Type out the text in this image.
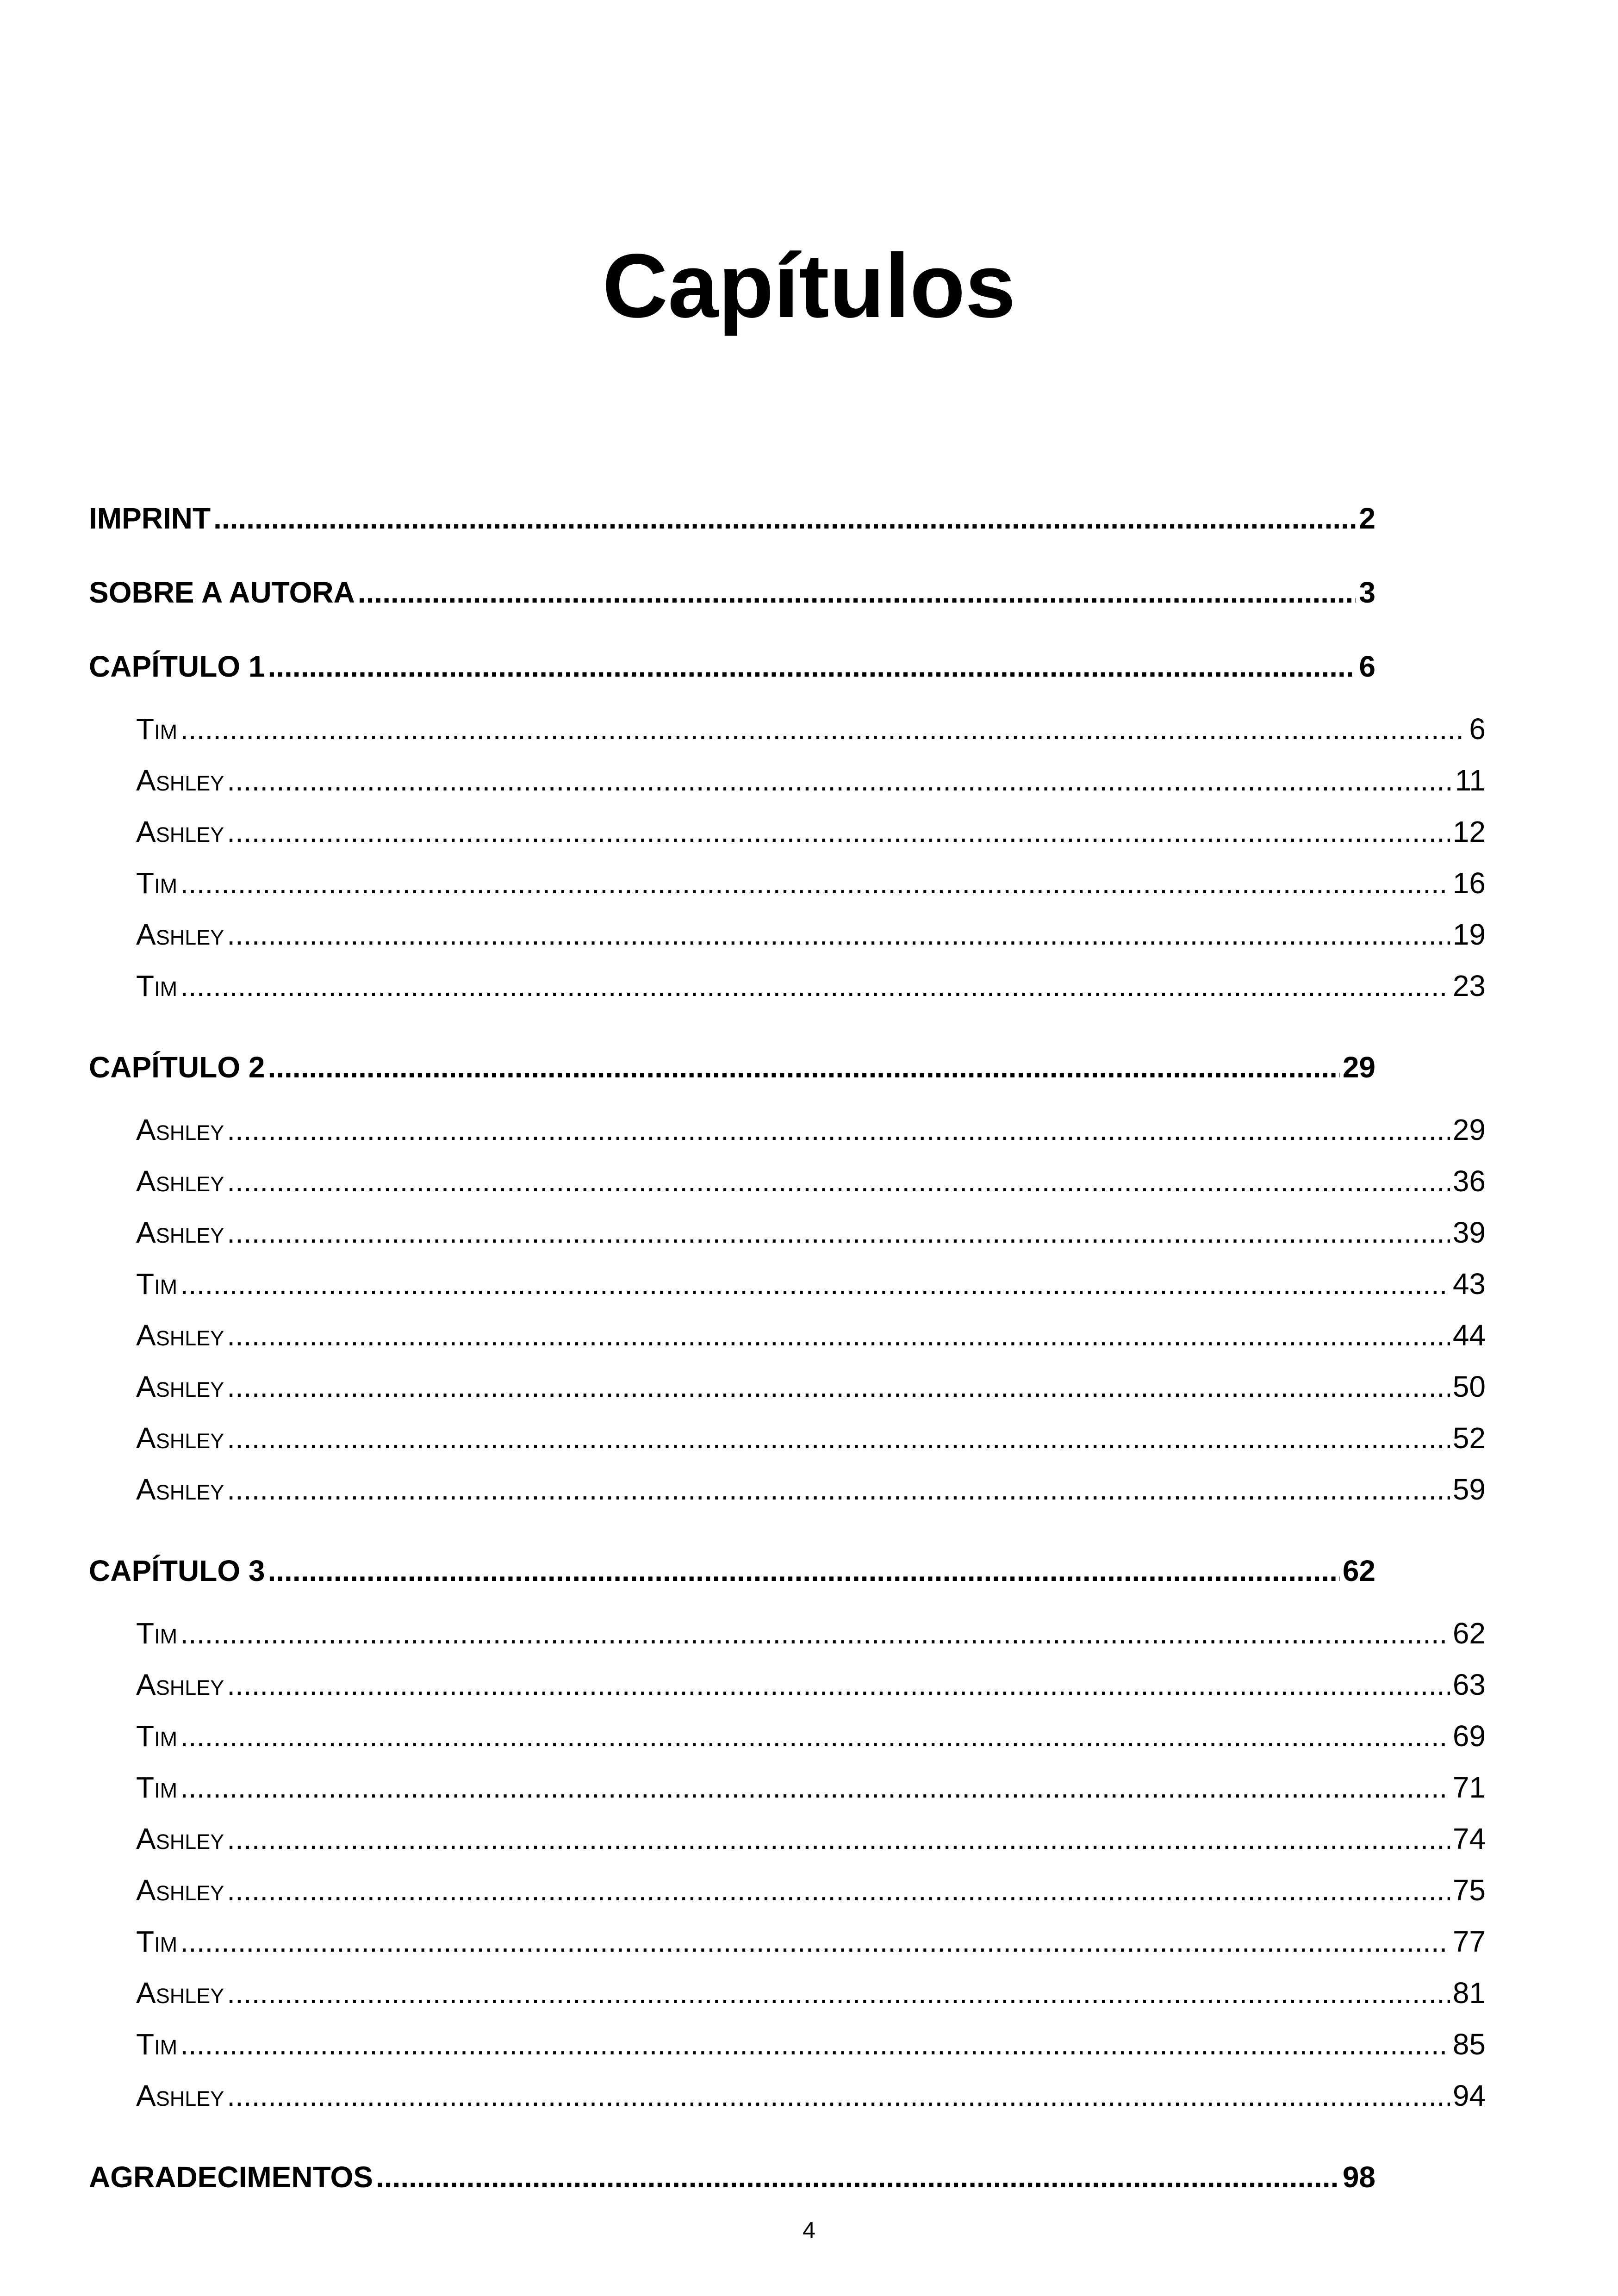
Capítulos
IMPRINT .....	2
SOBRE A AUTORA .....	3
CAPÍTULO 1 .....	6
Tim .....	6
Ashley .....	11
Ashley .....	12
Tim .....	16
Ashley .....	19
Tim .....	23
CAPÍTULO 2 .....	29
Ashley .....	29
Ashley .....	36
Ashley .....	39
Tim .....	43
Ashley .....	44
Ashley .....	50
Ashley .....	52
Ashley .....	59
CAPÍTULO 3 .....	62
Tim .....	62
Ashley .....	63
Tim .....	69
Tim .....	71
Ashley .....	74
Ashley .....	75
Tim .....	77
Ashley .....	81
Tim .....	85
Ashley .....	94
AGRADECIMENTOS .....	98
4
